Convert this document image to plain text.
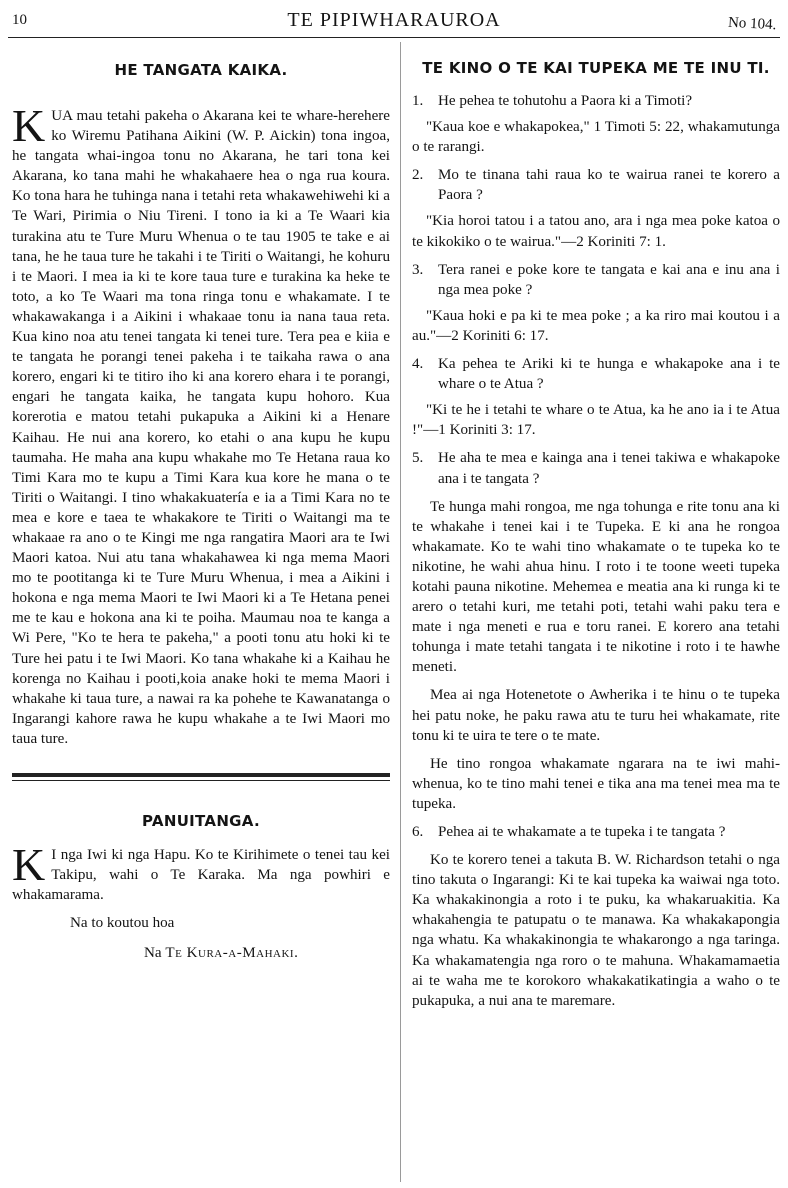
10	TE PIPIWHARAUROA	No 104.
HE TANGATA KAIKA.

KUA mau tetahi pakeha o Akarana kei te whare-herehere ko Wiremu Patihana Aikini (W. P. Aickin) tona ingoa, he tangata whai-ingoa tonu no Akarana, he tari tona kei Akarana, ko tana mahi he whakahaere hea o nga rua koura. Ko tona hara he tuhinga nana i tetahi reta whakawehiwehi ki a Te Wari, Pirimia o Niu Tireni. I tono ia ki a Te Waari kia turakina atu te Ture Muru Whenua o te tau 1905 te take e ai tana, he he taua ture he takahi i te Tiriti o Waitangi, he kohuru i te Maori. I mea ia ki te kore taua ture e turakina ka heke te toto, a ko Te Waari ma tona ringa tonu e whakamate. I te whakawakanga i a Aikini i whakaae tonu ia nana taua reta. Kua kino noa atu tenei tangata ki tenei ture. Tera pea e kiia e te tangata he porangi tenei pakeha i te taikaha rawa o ana korero, engari ki te titiro iho ki ana korero ehara i te porangi, engari he tangata kaika, he tangata kupu hohoro. Kua korerotia e matou tetahi pukapuka a Aikini ki a Henare Kaihau. He nui ana korero, ko etahi o ana kupu he kupu taumaha. He maha ana kupu whakahe mo Te Hetana raua ko Timi Kara mo te kupu a Timi Kara kua kore he mana o te Tiriti o Waitangi. I tino whakakuatería e ia a Timi Kara no te mea e kore e taea te whakakore te Tiriti o Waitangi ma te whakaae ra ano o te Kingi me nga rangatira Maori ara te Iwi Maori katoa. Nui atu tana whakahawea ki nga mema Maori mo te pootitanga ki te Ture Muru Whenua, i mea a Aikini i hokona e nga mema Maori te Iwi Maori ki a Te Hetana penei me te kau e hokona ana ki te poiha. Maumau noa te kanga a Wi Pere, "Ko te hera te pakeha," a pooti tonu atu hoki ki te Ture hei patu i te Iwi Maori. Ko tana whakahe ki a Kaihau he korenga no Kaihau i pooti,koia anake hoki te mema Maori i whakahe ki taua ture, a nawai ra ka pohehe te Kawanatanga o Ingarangi kahore rawa he kupu whakahe a te Iwi Maori mo taua ture.

PANUITANGA.

K I nga Iwi ki nga Hapu. Ko te Kirihimete o tenei tau kei Takipu, wahi o Te Karaka. Ma nga powhiri e whakamarama.

Na to koutou hoa

Na Te Kura-a-Mahaki.

TE KINO O TE KAI TUPEKA ME TE INU TI.
1. He pehea te tohutohu a Paora ki a Timoti?

"Kaua koe e whakapokea," 1 Timoti 5: 22, whakamutunga o te rarangi.

2. Mo te tinana tahi raua ko te wairua ranei te korero a Paora ?

"Kia horoi tatou i a tatou ano, ara i nga mea poke katoa o te kikokiko o te wairua."—2 Koriniti 7: 1.

3. Tera ranei e poke kore te tangata e kai ana e inu ana i nga mea poke ?

"Kaua hoki e pa ki te mea poke ; a ka riro mai koutou i a au."—2 Koriniti 6: 17.

4. Ka pehea te Ariki ki te hunga e whakapoke ana i te whare o te Atua ?

"Ki te he i tetahi te whare o te Atua, ka he ano ia i te Atua !"—1 Koriniti 3: 17.

5. He aha te mea e kainga ana i tenei takiwa e whakapoke ana i te tangata ?

Te hunga mahi rongoa, me nga tohunga e rite tonu ana ki te whakahe i tenei kai i te Tupeka. E ki ana he rongoa whakamate. Ko te wahi tino whakamate o te tupeka ko te nikotine, he wahi ahua hinu. I roto i te toone weeti tupeka kotahi pauna nikotine. Mehemea e meatia ana ki runga ki te arero o tetahi kuri, me tetahi poti, tetahi wahi paku tera e mate i nga meneti e rua e toru ranei. E korero ana tetahi tohunga i mate tetahi tangata i te nikotine i roto i te hawhe meneti.

Mea ai nga Hotenetote o Awherika i te hinu o te tupeka hei patu noke, he paku rawa atu te turu hei whakamate, rite tonu ki te uira te tere o te mate.

He tino rongoa whakamate ngarara na te iwi mahi-whenua, ko te tino mahi tenei e tika ana ma tenei mea ma te tupeka.

6. Pehea ai te whakamate a te tupeka i te tangata ?

Ko te korero tenei a takuta B. W. Richardson tetahi o nga tino takuta o Ingarangi: Ki te kai tupeka ka waiwai nga toto. Ka whakakinongia a roto i te puku, ka whakaruakitia. Ka whakahengia te patupatu o te manawa. Ka whakakapongia nga whatu. Ka whakakinongia te whakarongo a nga taringa. Ka whakamatengia nga roro o te mahuna. Whakamamaetia ai te waha me te korokoro whakakatikatingia a waho o te pukapuka, a nui ana te maremare.
